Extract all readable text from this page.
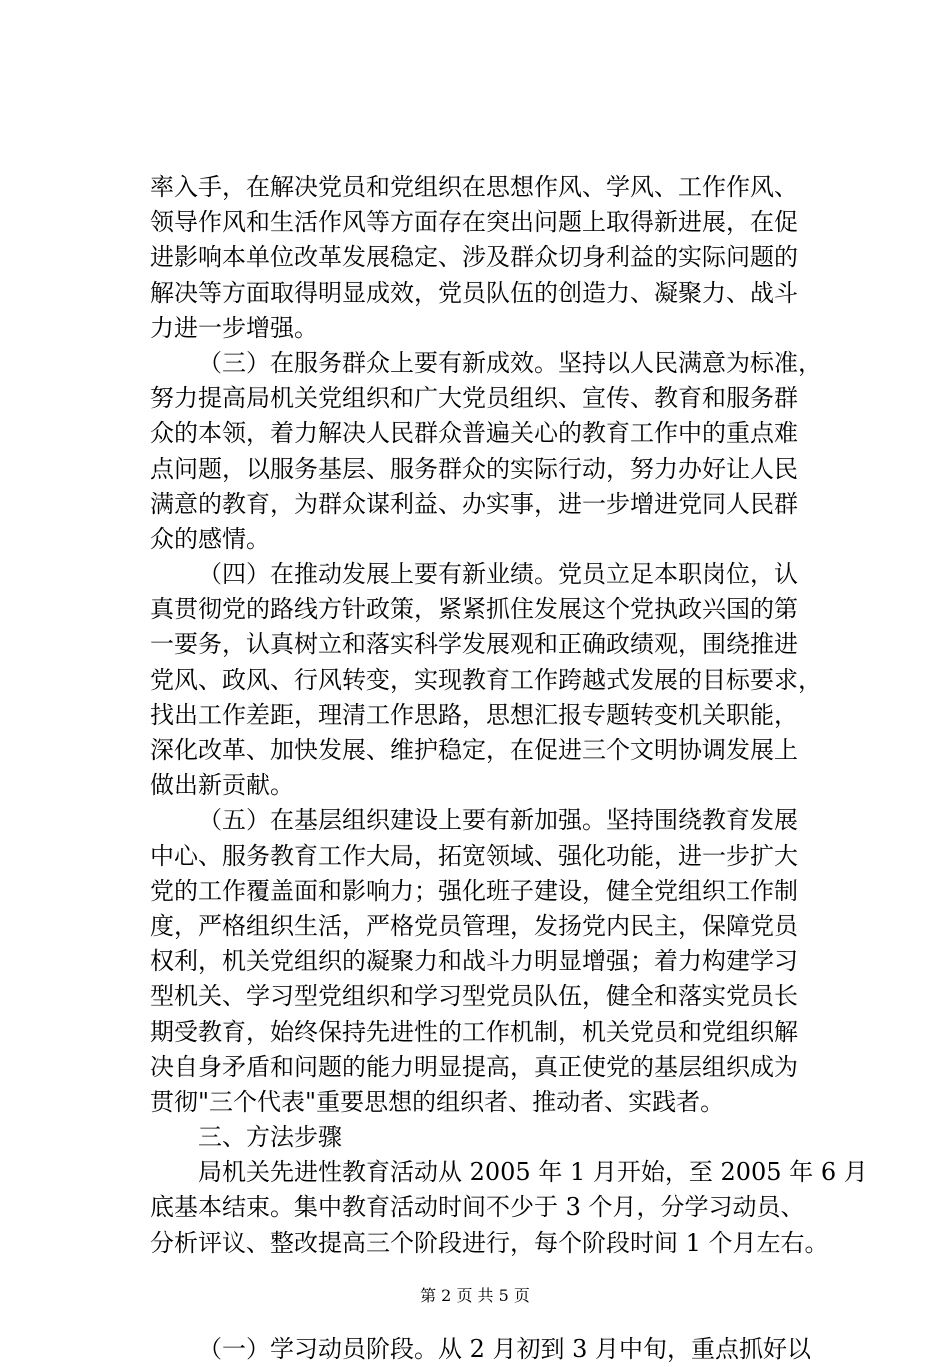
率入手，在解决党员和党组织在思想作风、学风、工作作风、
领导作风和生活作风等方面存在突出问题上取得新进展，在促
进影响本单位改革发展稳定、涉及群众切身利益的实际问题的
解决等方面取得明显成效，党员队伍的创造力、凝聚力、战斗
力进一步增强。
（三）在服务群众上要有新成效。坚持以人民满意为标准，
努力提高局机关党组织和广大党员组织、宣传、教育和服务群
众的本领，着力解决人民群众普遍关心的教育工作中的重点难
点问题，以服务基层、服务群众的实际行动，努力办好让人民
满意的教育，为群众谋利益、办实事，进一步增进党同人民群
众的感情。
（四）在推动发展上要有新业绩。党员立足本职岗位，认
真贯彻党的路线方针政策，紧紧抓住发展这个党执政兴国的第
一要务，认真树立和落实科学发展观和正确政绩观，围绕推进
党风、政风、行风转变，实现教育工作跨越式发展的目标要求，
找出工作差距，理清工作思路，思想汇报专题转变机关职能，
深化改革、加快发展、维护稳定，在促进三个文明协调发展上
做出新贡献。
（五）在基层组织建设上要有新加强。坚持围绕教育发展
中心、服务教育工作大局，拓宽领域、强化功能，进一步扩大
党的工作覆盖面和影响力；强化班子建设，健全党组织工作制
度，严格组织生活，严格党员管理，发扬党内民主，保障党员
权利，机关党组织的凝聚力和战斗力明显增强；着力构建学习
型机关、学习型党组织和学习型党员队伍，健全和落实党员长
期受教育，始终保持先进性的工作机制，机关党员和党组织解
决自身矛盾和问题的能力明显提高，真正使党的基层组织成为
贯彻"三个代表"重要思想的组织者、推动者、实践者。
三、方法步骤
局机关先进性教育活动从 2005 年 1 月开始，至 2005 年 6 月
底基本结束。集中教育活动时间不少于 3 个月，分学习动员、
分析评议、整改提高三个阶段进行，每个阶段时间 1 个月左右。
（一）学习动员阶段。从 2 月初到 3 月中旬，重点抓好以
第 2 页 共 5 页
